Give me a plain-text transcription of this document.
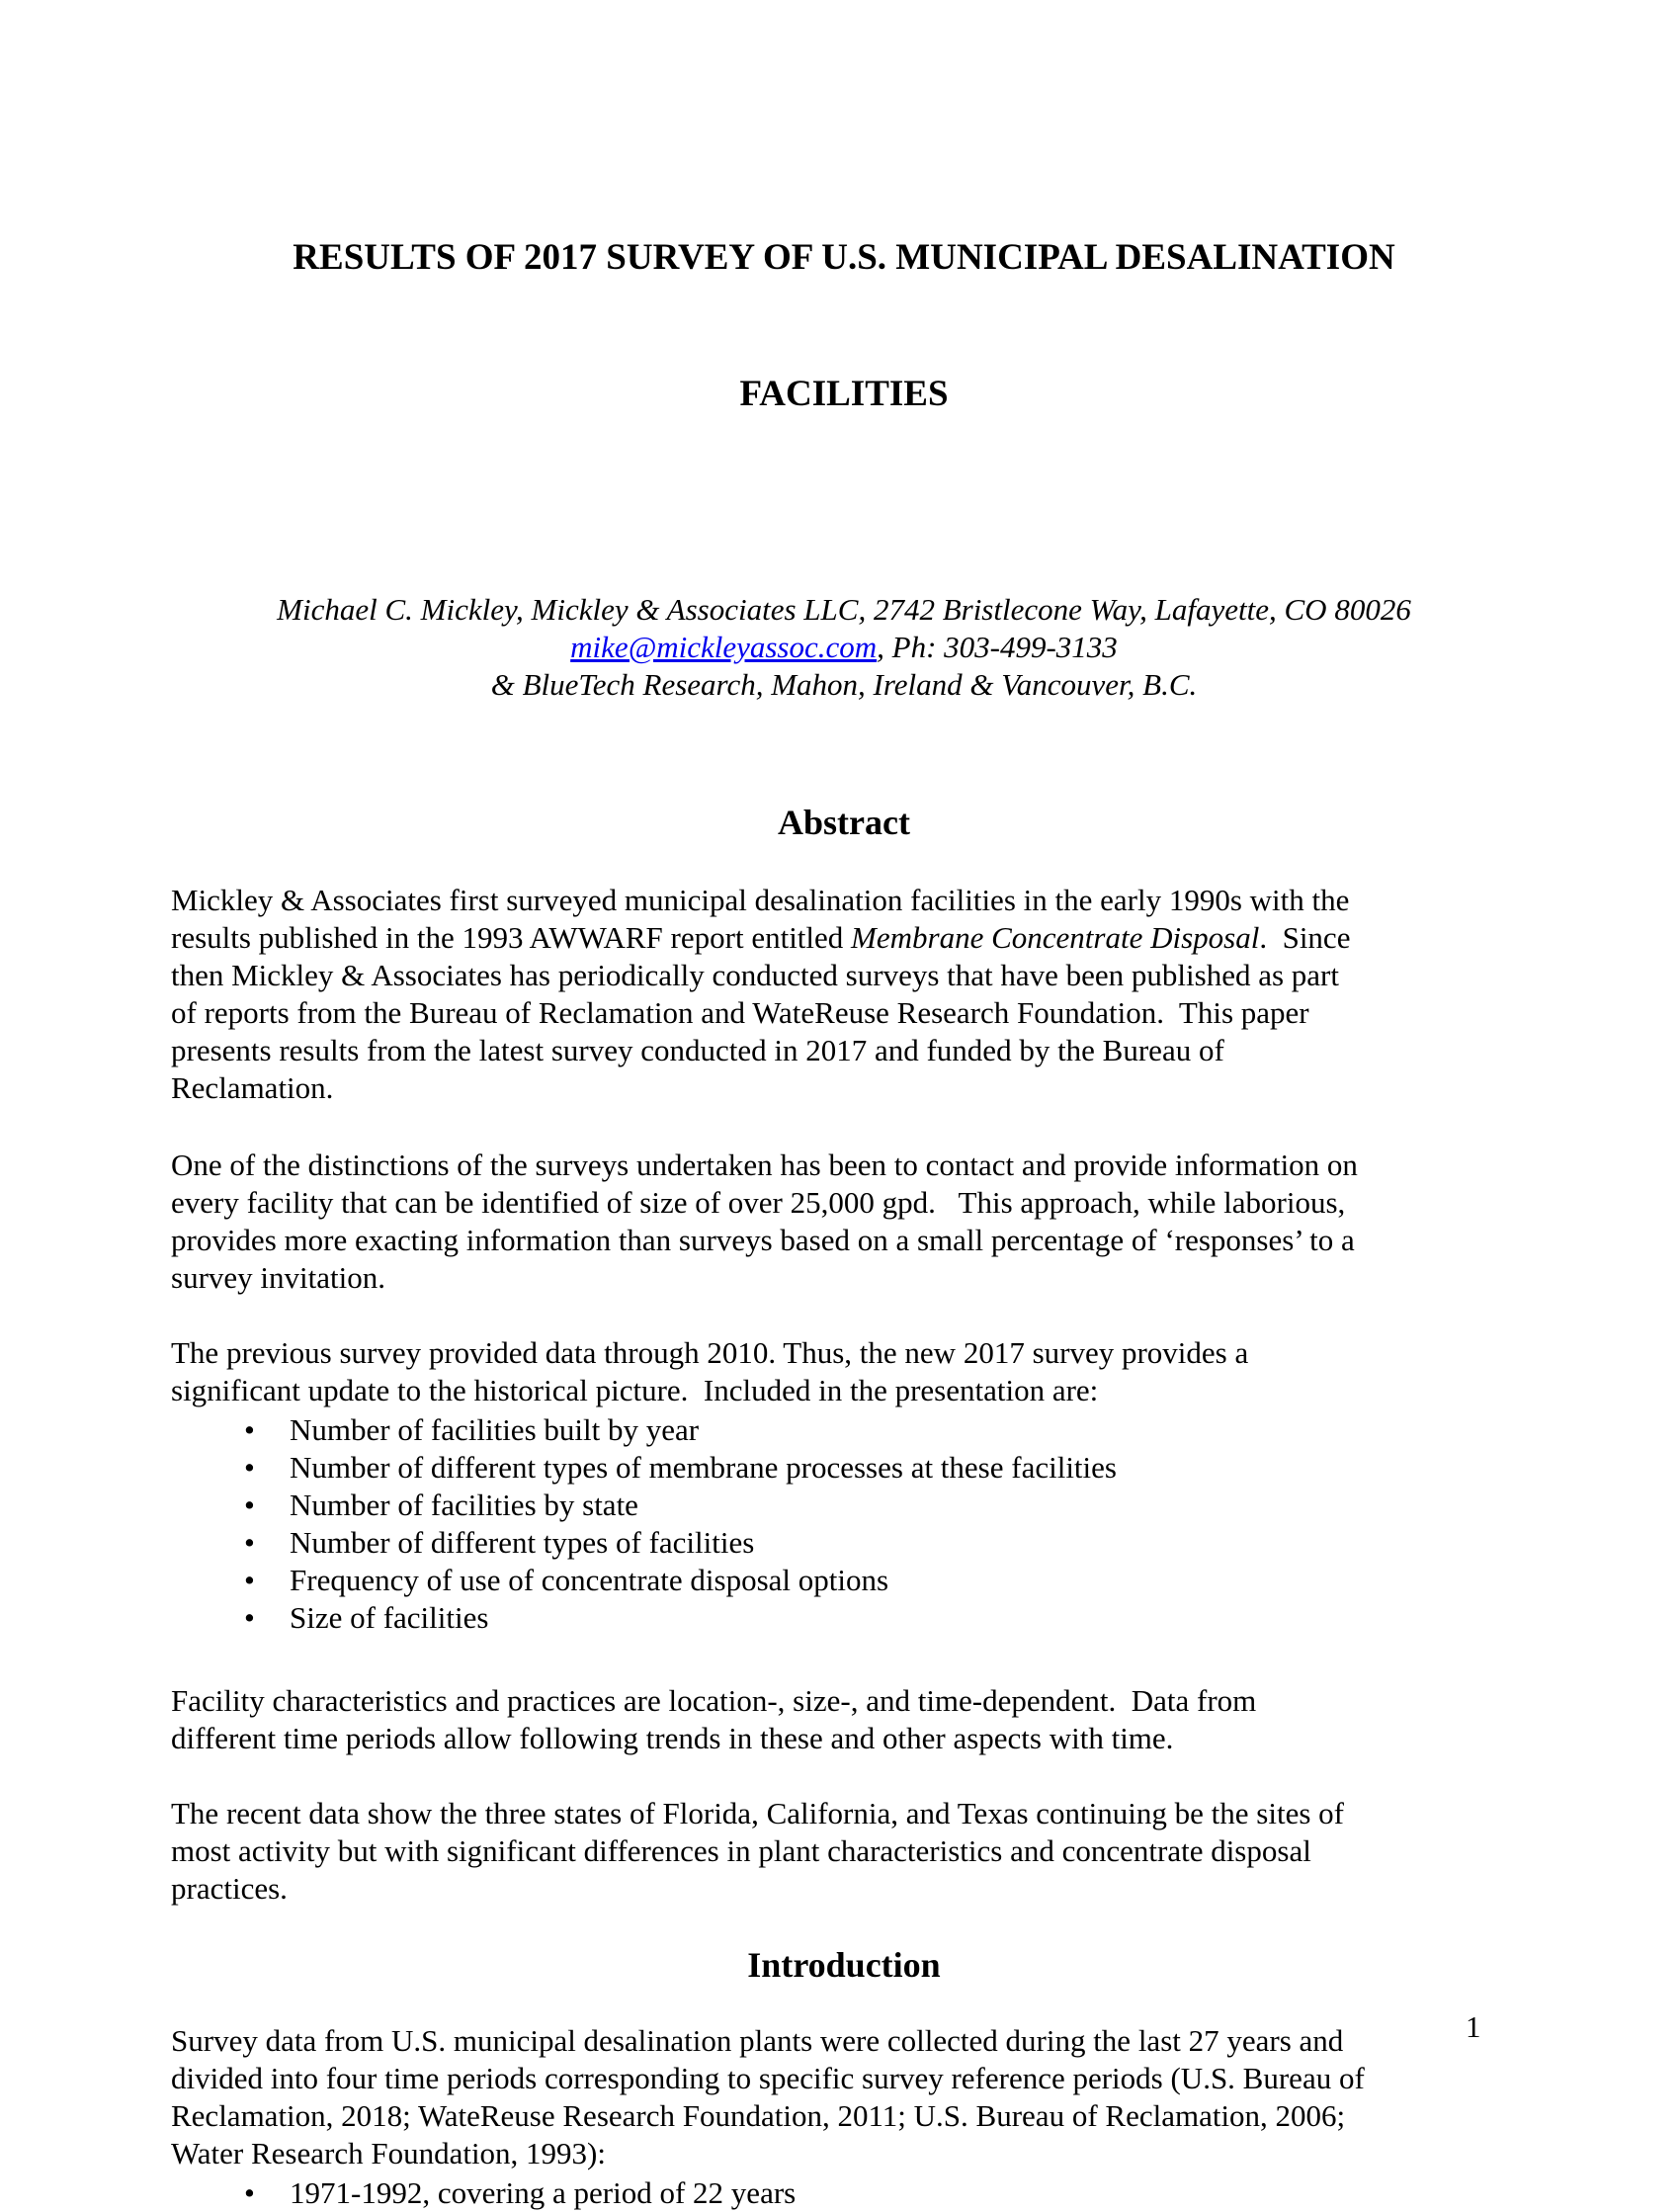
RESULTS OF 2017 SURVEY OF U.S. MUNICIPAL DESALINATION

FACILITIES

Michael C. Mickley, Mickley & Associates LLC, 2742 Bristlecone Way, Lafayette, CO 80026
mike@mickleyassoc.com, Ph: 303-499-3133
& BlueTech Research, Mahon, Ireland & Vancouver, B.C.
Abstract
Mickley & Associates first surveyed municipal desalination facilities in the early 1990s with the
results published in the 1993 AWWARF report entitled Membrane Concentrate Disposal.  Since
then Mickley & Associates has periodically conducted surveys that have been published as part
of reports from the Bureau of Reclamation and WateReuse Research Foundation.  This paper
presents results from the latest survey conducted in 2017 and funded by the Bureau of
Reclamation.
One of the distinctions of the surveys undertaken has been to contact and provide information on
every facility that can be identified of size of over 25,000 gpd.   This approach, while laborious,
provides more exacting information than surveys based on a small percentage of ‘responses’ to a
survey invitation.
The previous survey provided data through 2010. Thus, the new 2017 survey provides a
significant update to the historical picture.  Included in the presentation are:
• Number of facilities built by year
• Number of different types of membrane processes at these facilities
• Number of facilities by state
• Number of different types of facilities
• Frequency of use of concentrate disposal options
• Size of facilities
Facility characteristics and practices are location-, size-, and time-dependent.  Data from
different time periods allow following trends in these and other aspects with time.
The recent data show the three states of Florida, California, and Texas continuing be the sites of
most activity but with significant differences in plant characteristics and concentrate disposal
practices.
Introduction
Survey data from U.S. municipal desalination plants were collected during the last 27 years and
divided into four time periods corresponding to specific survey reference periods (U.S. Bureau of
Reclamation, 2018; WateReuse Research Foundation, 2011; U.S. Bureau of Reclamation, 2006;
Water Research Foundation, 1993):
• 1971-1992, covering a period of 22 years
1
